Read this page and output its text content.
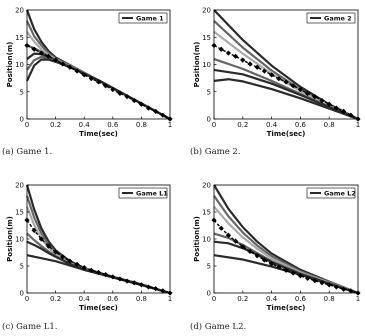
0	0.2 0.4 0.6 0.8	1
0
5
10
15
20
Time(sec)
Position(m)
Game 1
0	0.2	0.4	0.6	0.8	1
0
5
10
15
20
Time(sec)
Position(m)
Game 2
0	0.2 0.4 0.6 0.8	1
0
5
10
15
20
Time(sec)
Position(m)
Game L1
0	0.2	0.4	0.6	0.8	1
0
5
10
15
20
Time(sec)
Position(m)
Game L2
(a) Game 1.	(b) Game 2.
(c) Game L1.	(d) Game L2.
